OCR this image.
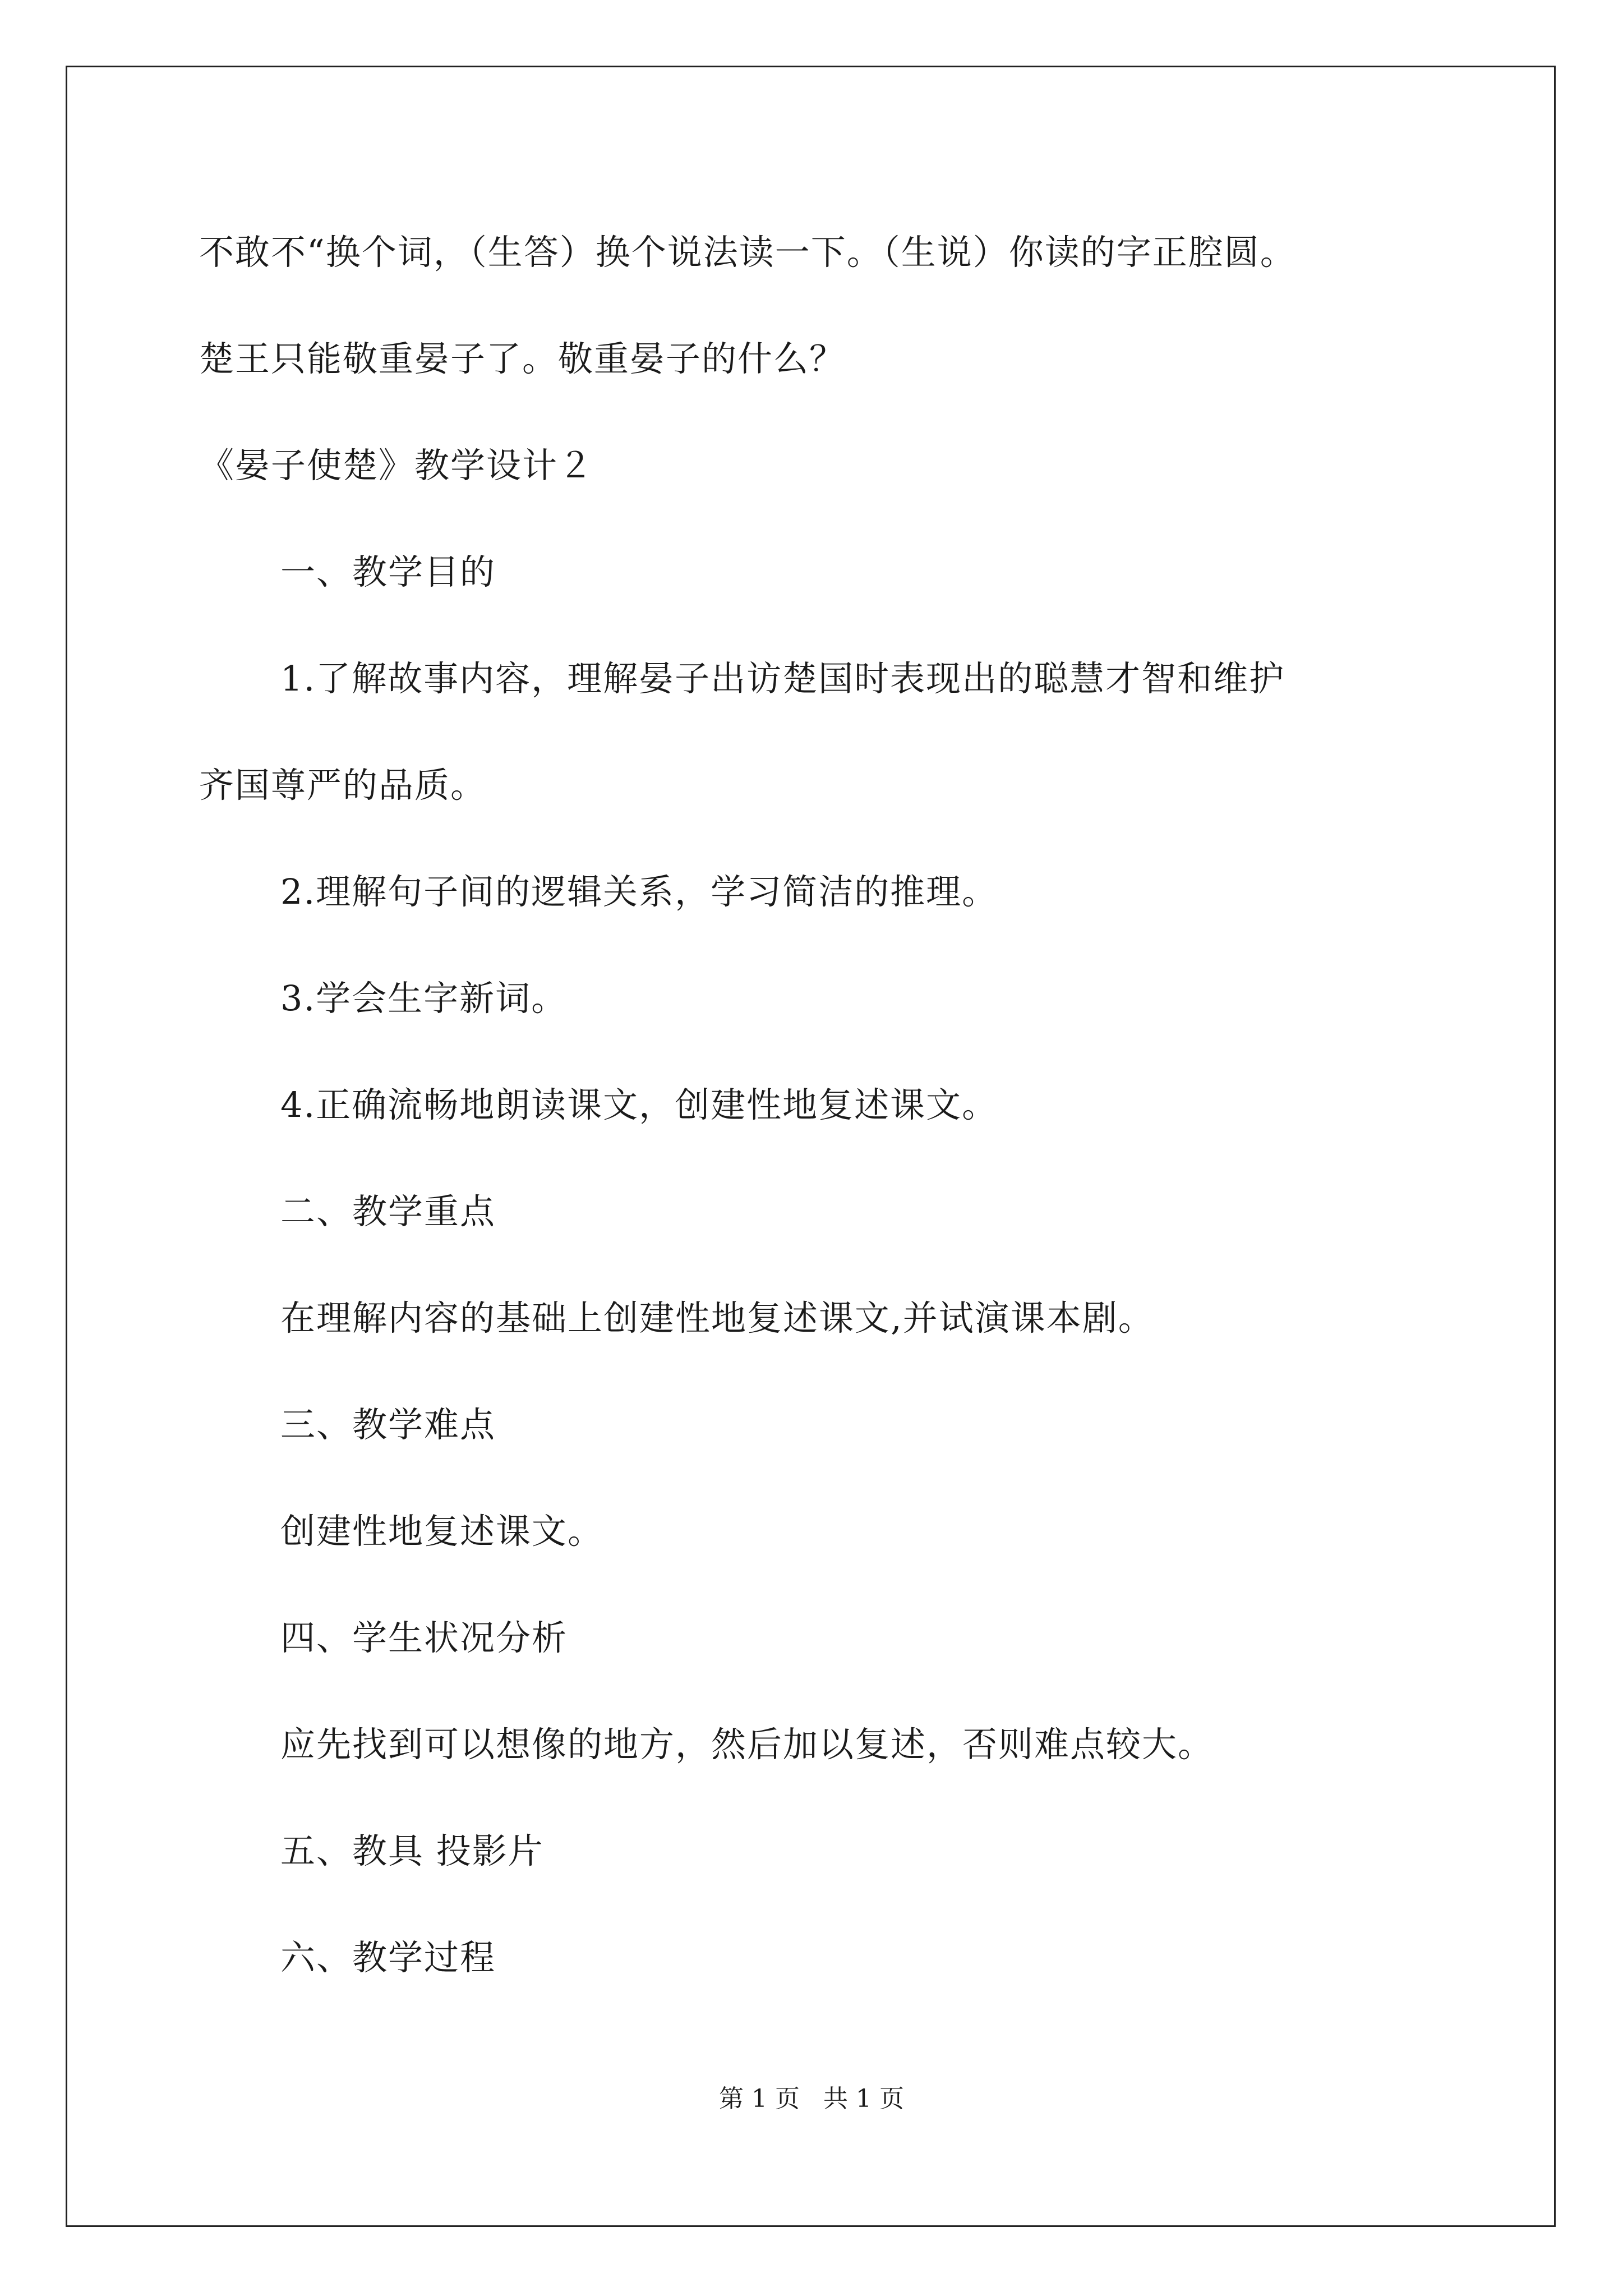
不敢不“换个词，（生答）换个说法读一下。（生说）你读的字正腔圆。
楚王只能敬重晏子了。敬重晏子的什么？
《晏子使楚》教学设计２
一、教学目的
1.了解故事内容，理解晏子出访楚国时表现出的聪慧才智和维护
齐国尊严的品质。
2.理解句子间的逻辑关系，学习简洁的推理。
3.学会生字新词。
4.正确流畅地朗读课文，创建性地复述课文。
二、教学重点
在理解内容的基础上创建性地复述课文,并试演课本剧。
三、教学难点
创建性地复述课文。
四、学生状况分析
应先找到可以想像的地方，然后加以复述，否则难点较大。
五、教具 投影片
六、教学过程
第 1 页   共 1 页
